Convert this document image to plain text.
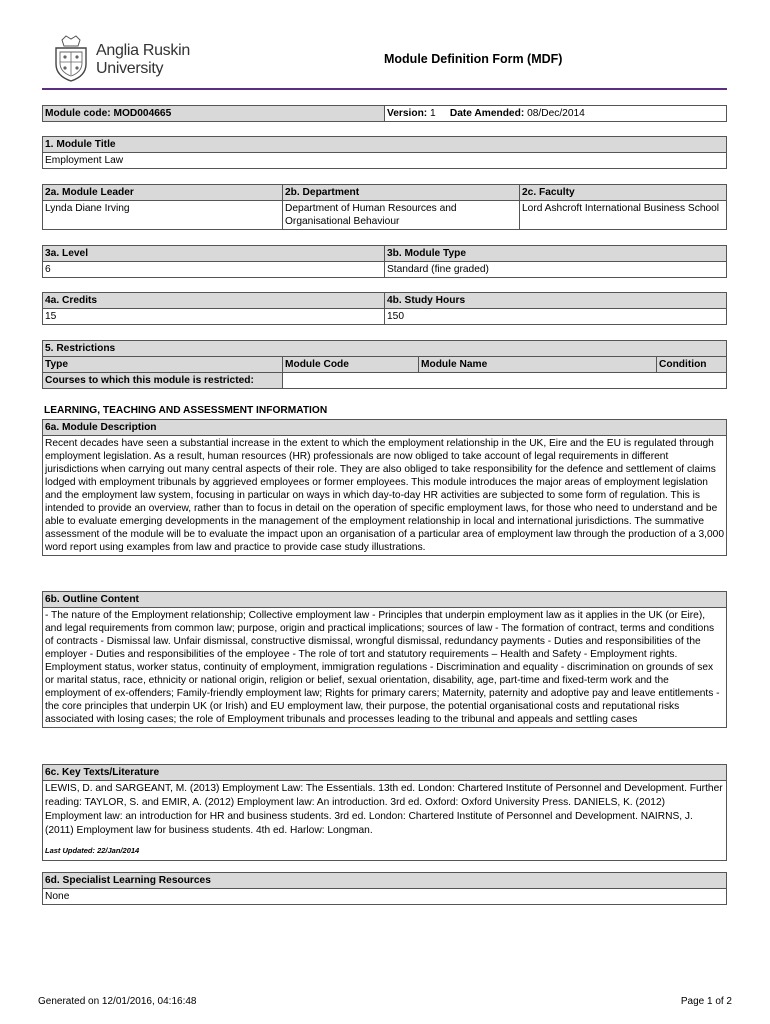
Anglia Ruskin
University
Module Definition Form (MDF)
Module code: MOD004665	Version: 1 Date Amended: 08/Dec/2014
1. Module Title
Employment Law
2a. Module Leader	2b. Department	2c. Faculty
Lynda Diane Irving	Department of Human Resources and Organisational Behaviour	Lord Ashcroft International Business School
3a. Level	3b. Module Type
6	Standard (fine graded)
4a. Credits	4b. Study Hours
15	150
5. Restrictions			
Type	Module Code	Module Name	Condition
Courses to which this module is restricted:			
LEARNING, TEACHING AND ASSESSMENT INFORMATION
6a. Module Description
Recent decades have seen a substantial increase in the extent to which the employment relationship in the UK, Eire and the EU is regulated through employment legislation. As a result, human resources (HR) professionals are now obliged to take account of legal requirements in different jurisdictions when carrying out many central aspects of their role. They are also obliged to take responsibility for the defence and settlement of claims lodged with employment tribunals by aggrieved employees or former employees. This module introduces the major areas of employment legislation and the employment law system, focusing in particular on ways in which day-to-day HR activities are subjected to some form of regulation. This is intended to provide an overview, rather than to focus in detail on the operation of specific employment laws, for those who need to understand and be able to evaluate emerging developments in the management of the employment relationship in local and international jurisdictions. The summative assessment of the module will be to evaluate the impact upon an organisation of a particular area of employment law through the production of a 3,000 word report using examples from law and practice to provide case study illustrations.
6b. Outline Content
- The nature of the Employment relationship; Collective employment law - Principles that underpin employment law as it applies in the UK (or Eire), and legal requirements from common law; purpose, origin and practical implications; sources of law - The formation of contract, terms and conditions of contracts - Dismissal law. Unfair dismissal, constructive dismissal, wrongful dismissal, redundancy payments - Duties and responsibilities of the employer - Duties and responsibilities of the employee - The role of tort and statutory requirements – Health and Safety - Employment rights. Employment status, worker status, continuity of employment, immigration regulations - Discrimination and equality - discrimination on grounds of sex or marital status, race, ethnicity or national origin, religion or belief, sexual orientation, disability, age, part-time and fixed-term work and the employment of ex-offenders; Family-friendly employment law; Rights for primary carers; Maternity, paternity and adoptive pay and leave entitlements - the core principles that underpin UK (or Irish) and EU employment law, their purpose, the potential organisational costs and reputational risks associated with losing cases; the role of Employment tribunals and processes leading to the tribunal and appeals and settling cases
6c. Key Texts/Literature

LEWIS, D. and SARGEANT, M. (2013) Employment Law: The Essentials. 13th ed. London: Chartered Institute of Personnel and Development. Further reading: TAYLOR, S. and EMIR, A. (2012) Employment law: An introduction. 3rd ed. Oxford: Oxford University Press. DANIELS, K. (2012) Employment law: an introduction for HR and business students. 3rd ed. London: Chartered Institute of Personnel and Development. NAIRNS, J. (2011) Employment law for business students. 4th ed. Harlow: Longman.
Last Updated: 22/Jan/2014
6d. Specialist Learning Resources
None
Generated on 12/01/2016, 04:16:48	Page 1 of 2
